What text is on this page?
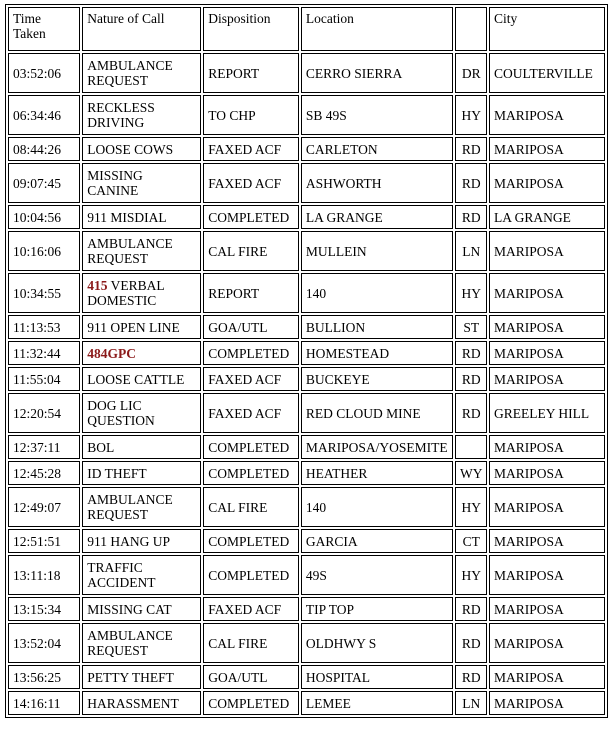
Time Taken	Nature of Call	Disposition	Location		City
03:52:06	AMBULANCE REQUEST	REPORT	CERRO SIERRA	DR	COULTERVILLE
06:34:46	RECKLESS DRIVING	TO CHP	SB 49S	HY	MARIPOSA
08:44:26	LOOSE COWS	FAXED ACF	CARLETON	RD	MARIPOSA
09:07:45	MISSING CANINE	FAXED ACF	ASHWORTH	RD	MARIPOSA
10:04:56	911 MISDIAL	COMPLETED	LA GRANGE	RD	LA GRANGE
10:16:06	AMBULANCE REQUEST	CAL FIRE	MULLEIN	LN	MARIPOSA
10:34:55	415 VERBAL DOMESTIC	REPORT	140	HY	MARIPOSA
11:13:53	911 OPEN LINE	GOA/UTL	BULLION	ST	MARIPOSA
11:32:44	484GPC	COMPLETED	HOMESTEAD	RD	MARIPOSA
11:55:04	LOOSE CATTLE	FAXED ACF	BUCKEYE	RD	MARIPOSA
12:20:54	DOG LIC QUESTION	FAXED ACF	RED CLOUD MINE	RD	GREELEY HILL
12:37:11	BOL	COMPLETED	MARIPOSA/YOSEMITE		MARIPOSA
12:45:28	ID THEFT	COMPLETED	HEATHER	WY	MARIPOSA
12:49:07	AMBULANCE REQUEST	CAL FIRE	140	HY	MARIPOSA
12:51:51	911 HANG UP	COMPLETED	GARCIA	CT	MARIPOSA
13:11:18	TRAFFIC ACCIDENT	COMPLETED	49S	HY	MARIPOSA
13:15:34	MISSING CAT	FAXED ACF	TIP TOP	RD	MARIPOSA
13:52:04	AMBULANCE REQUEST	CAL FIRE	OLDHWY S	RD	MARIPOSA
13:56:25	PETTY THEFT	GOA/UTL	HOSPITAL	RD	MARIPOSA
14:16:11	HARASSMENT	COMPLETED	LEMEE	LN	MARIPOSA
